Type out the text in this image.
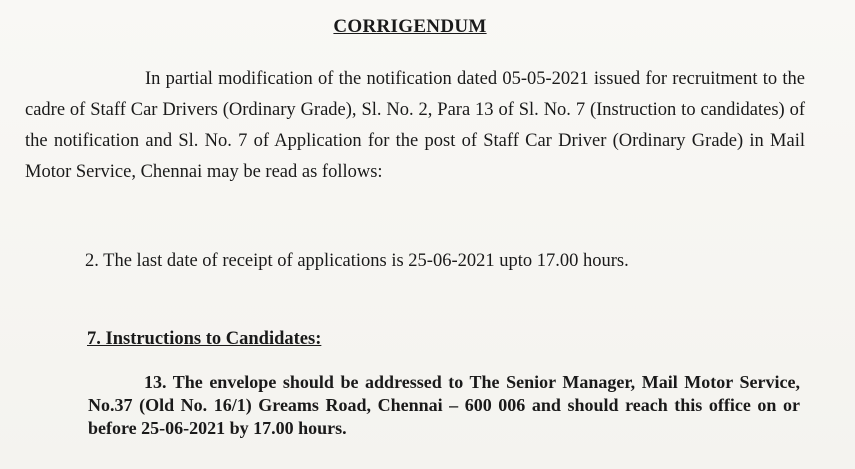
CORRIGENDUM
In partial modification of the notification dated 05-05-2021 issued for recruitment to the cadre of Staff Car Drivers (Ordinary Grade), Sl. No. 2, Para 13 of Sl. No. 7 (Instruction to candidates) of the notification and Sl. No. 7 of Application for the post of Staff Car Driver (Ordinary Grade) in Mail Motor Service, Chennai may be read as follows:
2. The last date of receipt of applications is 25-06-2021 upto 17.00 hours.
7. Instructions to Candidates:
13. The envelope should be addressed to The Senior Manager, Mail Motor Service, No.37 (Old No. 16/1) Greams Road, Chennai – 600 006 and should reach this office on or before 25-06-2021 by 17.00 hours.
